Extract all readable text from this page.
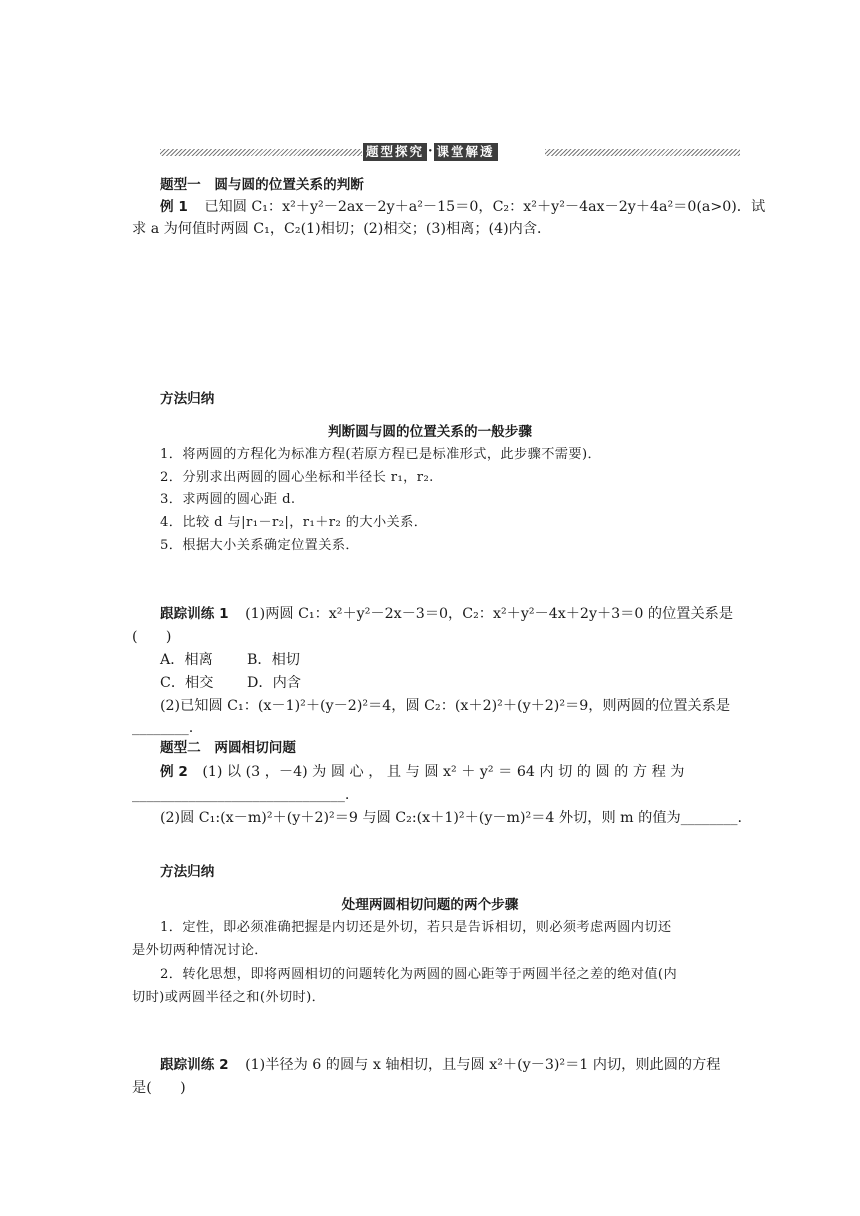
题型探究 · 课堂解透
题型一　圆与圆的位置关系的判断
例 1 已知圆 C₁：x²＋y²－2ax－2y＋a²－15＝0，C₂：x²＋y²－4ax－2y＋4a²＝0(a>0)．试
求 a 为何值时两圆 C₁，C₂(1)相切；(2)相交；(3)相离；(4)内含．
方法归纳
判断圆与圆的位置关系的一般步骤
1．将两圆的方程化为标准方程(若原方程已是标准形式，此步骤不需要)．
2．分别求出两圆的圆心坐标和半径长 r₁，r₂.
3．求两圆的圆心距 d.
4．比较 d 与|r₁－r₂|，r₁＋r₂ 的大小关系．
5．根据大小关系确定位置关系．
跟踪训练 1 (1)两圆 C₁：x²＋y²－2x－3＝0，C₂：x²＋y²－4x＋2y＋3＝0 的位置关系是
(　　)
A．相离 B．相切
C．相交 D．内含
(2)已知圆 C₁：(x－1)²＋(y－2)²＝4，圆 C₂：(x＋2)²＋(y＋2)²＝9，则两圆的位置关系是
________.
题型二　两圆相切问题
例 2 (1) 以 (3 ，－4) 为 圆 心 ， 且 与 圆 x² ＋ y² ＝ 64 内 切 的 圆 的 方 程 为
______________________________.
(2)圆 C₁:(x－m)²＋(y＋2)²＝9 与圆 C₂:(x＋1)²＋(y－m)²＝4 外切，则 m 的值为________.
方法归纳
处理两圆相切问题的两个步骤
1．定性，即必须准确把握是内切还是外切，若只是告诉相切，则必须考虑两圆内切还
是外切两种情况讨论．
2．转化思想，即将两圆相切的问题转化为两圆的圆心距等于两圆半径之差的绝对值(内
切时)或两圆半径之和(外切时)．
跟踪训练 2 (1)半径为 6 的圆与 x 轴相切，且与圆 x²＋(y－3)²＝1 内切，则此圆的方程
是(　　)
